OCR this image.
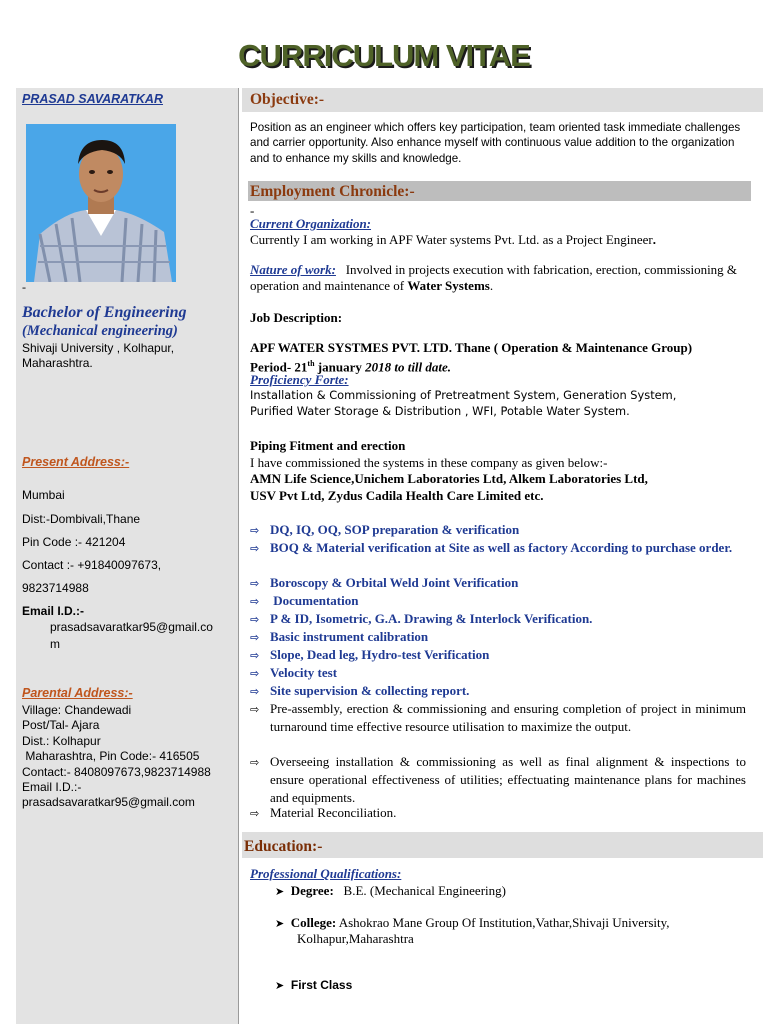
CURRICULUM VITAE
PRASAD SAVARATKAR
-
Bachelor of Engineering
(Mechanical engineering)
Shivaji University , Kolhapur,
Maharashtra.
Present Address:-
Mumbai
Dist:-Dombivali,Thane
Pin Code :- 421204
Contact :- +91840097673,
9823714988
Email I.D.:-
prasadsavaratkar95@gmail.co
m
Parental Address:-
Village: Chandewadi
Post/Tal- Ajara
Dist.: Kolhapur
Maharashtra, Pin Code:- 416505
Contact:- 8408097673,9823714988
Email I.D.:-
prasadsavaratkar95@gmail.com
Objective:-
Position as an engineer which offers key participation, team oriented task immediate challenges and carrier opportunity. Also enhance myself with continuous value addition to the organization and to enhance my skills and knowledge.
Employment Chronicle:-
-
Current Organization:
Currently I am working in APF Water systems Pvt. Ltd. as a Project Engineer.
Nature of work:   Involved in projects execution with fabrication, erection, commissioning & operation and maintenance of Water Systems.
Job Description:
APF WATER SYSTMES PVT. LTD. Thane ( Operation & Maintenance Group)
Period- 21th january 2018 to till date.
Proficiency Forte:
Installation & Commissioning of Pretreatment System, Generation System,
Purified Water Storage & Distribution , WFI, Potable Water System.
Piping Fitment and erection
I have commissioned the systems in these company as given below:-
AMN Life Science,Unichem Laboratories Ltd, Alkem Laboratories Ltd,
USV Pvt Ltd, Zydus Cadila Health Care Limited etc.
⇨ DQ, IQ, OQ, SOP preparation & verification
⇨ BOQ & Material verification at Site as well as factory According to purchase order.
⇨ Boroscopy & Orbital Weld Joint Verification
⇨ Documentation
⇨ P & ID, Isometric, G.A. Drawing & Interlock Verification.
⇨ Basic instrument calibration
⇨ Slope, Dead leg, Hydro-test Verification
⇨ Velocity test
⇨ Site supervision & collecting report.
⇨ Pre-assembly, erection & commissioning and ensuring completion of project in minimum turnaround time effective resource utilisation to maximize the output.
⇨ Overseeing installation & commissioning as well as final alignment & inspections to ensure operational effectiveness of utilities; effectuating maintenance plans for machines and equipments.
⇨ Material Reconciliation.
Education:-
Professional Qualifications:
➤ Degree:   B.E. (Mechanical Engineering)
➤ College: Ashokrao Mane Group Of Institution,Vathar,Shivaji University,
Kolhapur,Maharashtra
➤ First Class
